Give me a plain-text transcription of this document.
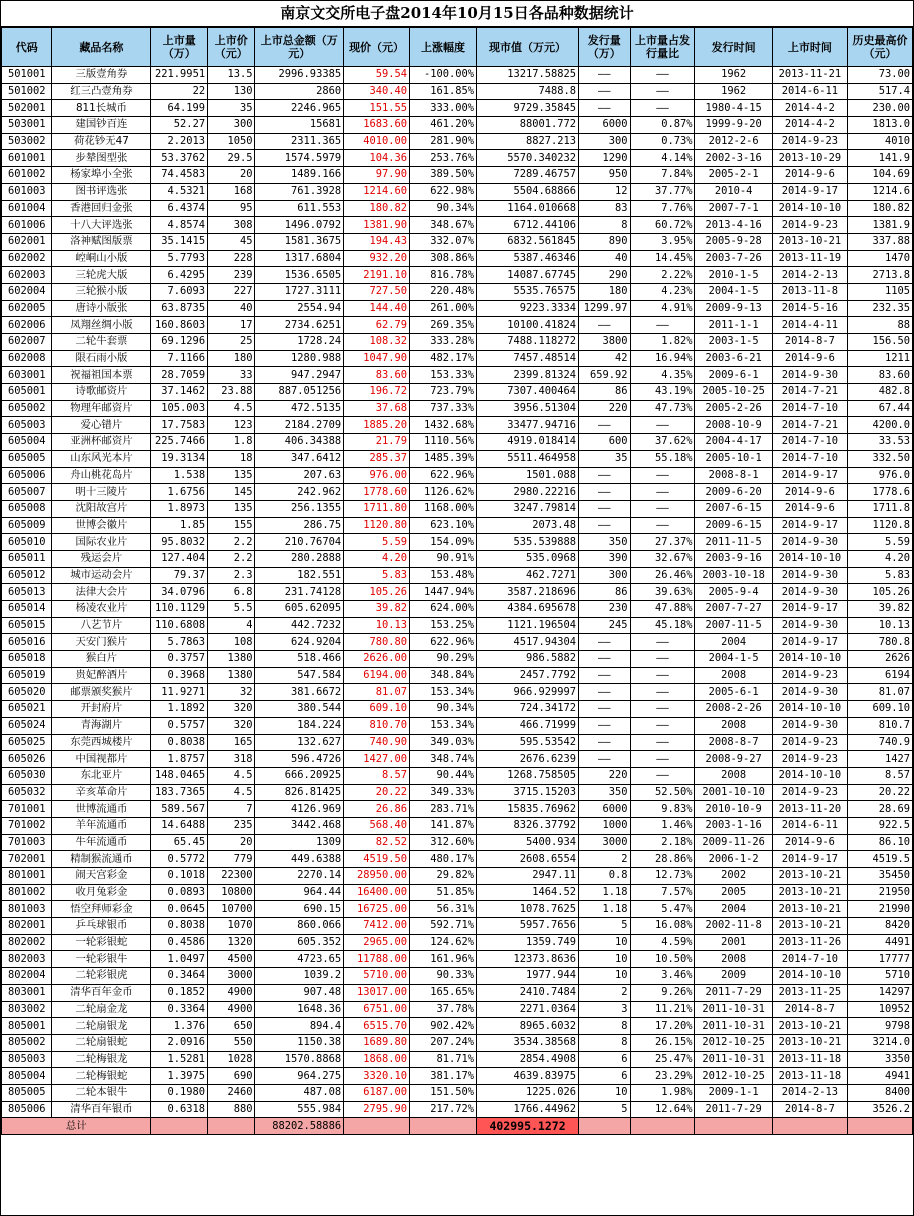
南京文交所电子盘2014年10月15日各品种数据统计
代码	藏品名称	上市量（万）	上市价（元）	上市总金额（万元）	现价（元）	上涨幅度	现市值（万元）	发行量（万）	上市量占发行量比	发行时间	上市时间	历史最高价（元）
501001	三版壹角券	221.9951	13.5	2996.93385	59.54	-100.00%	13217.58825	——	——	1962	2013-11-21	73.00
501002	红三凸壹角券	22	130	2860	340.40	161.85%	7488.8	——	——	1962	2014-6-11	517.4
502001	811长城币	64.199	35	2246.965	151.55	333.00%	9729.35845	——	——	1980-4-15	2014-4-2	230.00
503001	建国钞百连	52.27	300	15681	1683.60	461.20%	88001.772	6000	0.87%	1999-9-20	2014-4-2	1813.0
503002	荷花钞无47	2.2013	1050	2311.365	4010.00	281.90%	8827.213	300	0.73%	2012-2-6	2014-9-23	4010
601001	步辇图型张	53.3762	29.5	1574.5979	104.36	253.76%	5570.340232	1290	4.14%	2002-3-16	2013-10-29	141.9
601002	杨家埠小全张	74.4583	20	1489.166	97.90	389.50%	7289.46757	950	7.84%	2005-2-1	2014-9-6	104.69
601003	图书评选张	4.5321	168	761.3928	1214.60	622.98%	5504.68866	12	37.77%	2010-4	2014-9-17	1214.6
601004	香港回归金张	6.4374	95	611.553	180.82	90.34%	1164.010668	83	7.76%	2007-7-1	2014-10-10	180.82
601006	十八大评选张	4.8574	308	1496.0792	1381.90	348.67%	6712.44106	8	60.72%	2013-4-16	2014-9-23	1381.9
602001	洛神赋图版票	35.1415	45	1581.3675	194.43	332.07%	6832.561845	890	3.95%	2005-9-28	2013-10-21	337.88
602002	崆峒山小版	5.7793	228	1317.6804	932.20	308.86%	5387.46346	40	14.45%	2003-7-26	2013-11-19	1470
602003	三轮虎大版	6.4295	239	1536.6505	2191.10	816.78%	14087.67745	290	2.22%	2010-1-5	2014-2-13	2713.8
602004	三轮猴小版	7.6093	227	1727.3111	727.50	220.48%	5535.76575	180	4.23%	2004-1-5	2013-11-8	1105
602005	唐诗小版张	63.8735	40	2554.94	144.40	261.00%	9223.3334	1299.97	4.91%	2009-9-13	2014-5-16	232.35
602006	凤翔丝绸小版	160.8603	17	2734.6251	62.79	269.35%	10100.41824	——	——	2011-1-1	2014-4-11	88
602007	二轮牛套票	69.1296	25	1728.24	108.32	333.28%	7488.118272	3800	1.82%	2003-1-5	2014-8-7	156.50
602008	限石雨小版	7.1166	180	1280.988	1047.90	482.17%	7457.48514	42	16.94%	2003-6-21	2014-9-6	1211
603001	祝福祖国本票	28.7059	33	947.2947	83.60	153.33%	2399.81324	659.92	4.35%	2009-6-1	2014-9-30	83.60
605001	诗歌邮资片	37.1462	23.88	887.051256	196.72	723.79%	7307.400464	86	43.19%	2005-10-25	2014-7-21	482.8
605002	物理年邮资片	105.003	4.5	472.5135	37.68	737.33%	3956.51304	220	47.73%	2005-2-26	2014-7-10	67.44
605003	爱心错片	17.7583	123	2184.2709	1885.20	1432.68%	33477.94716	——	——	2008-10-9	2014-7-21	4200.0
605004	亚洲杯邮资片	225.7466	1.8	406.34388	21.79	1110.56%	4919.018414	600	37.62%	2004-4-17	2014-7-10	33.53
605005	山东风光本片	19.3134	18	347.6412	285.37	1485.39%	5511.464958	35	55.18%	2005-10-1	2014-7-10	332.50
605006	舟山桃花岛片	1.538	135	207.63	976.00	622.96%	1501.088	——	——	2008-8-1	2014-9-17	976.0
605007	明十三陵片	1.6756	145	242.962	1778.60	1126.62%	2980.22216	——	——	2009-6-20	2014-9-6	1778.6
605008	沈阳故宫片	1.8973	135	256.1355	1711.80	1168.00%	3247.79814	——	——	2007-6-15	2014-9-6	1711.8
605009	世博会徽片	1.85	155	286.75	1120.80	623.10%	2073.48	——	——	2009-6-15	2014-9-17	1120.8
605010	国际农业片	95.8032	2.2	210.76704	5.59	154.09%	535.539888	350	27.37%	2011-11-5	2014-9-30	5.59
605011	残运会片	127.404	2.2	280.2888	4.20	90.91%	535.0968	390	32.67%	2003-9-16	2014-10-10	4.20
605012	城市运动会片	79.37	2.3	182.551	5.83	153.48%	462.7271	300	26.46%	2003-10-18	2014-9-30	5.83
605013	法律大会片	34.0796	6.8	231.74128	105.26	1447.94%	3587.218696	86	39.63%	2005-9-4	2014-9-30	105.26
605014	杨凌农业片	110.1129	5.5	605.62095	39.82	624.00%	4384.695678	230	47.88%	2007-7-27	2014-9-17	39.82
605015	八艺节片	110.6808	4	442.7232	10.13	153.25%	1121.196504	245	45.18%	2007-11-5	2014-9-30	10.13
605016	天安门猴片	5.7863	108	624.9204	780.80	622.96%	4517.94304	——	——	2004	2014-9-17	780.8
605018	猴白片	0.3757	1380	518.466	2626.00	90.29%	986.5882	——	——	2004-1-5	2014-10-10	2626
605019	贵妃醉酒片	0.3968	1380	547.584	6194.00	348.84%	2457.7792	——	——	2008	2014-9-23	6194
605020	邮票颁奖猴片	11.9271	32	381.6672	81.07	153.34%	966.929997	——	——	2005-6-1	2014-9-30	81.07
605021	开封府片	1.1892	320	380.544	609.10	90.34%	724.34172	——	——	2008-2-26	2014-10-10	609.10
605024	青海湖片	0.5757	320	184.224	810.70	153.34%	466.71999	——	——	2008	2014-9-30	810.7
605025	东莞西城楼片	0.8038	165	132.627	740.90	349.03%	595.53542	——	——	2008-8-7	2014-9-23	740.9
605026	中国视都片	1.8757	318	596.4726	1427.00	348.74%	2676.6239	——	——	2008-9-27	2014-9-23	1427
605030	东北亚片	148.0465	4.5	666.20925	8.57	90.44%	1268.758505	220	——	2008	2014-10-10	8.57
605032	辛亥革命片	183.7365	4.5	826.81425	20.22	349.33%	3715.15203	350	52.50%	2001-10-10	2014-9-23	20.22
701001	世博流通币	589.567	7	4126.969	26.86	283.71%	15835.76962	6000	9.83%	2010-10-9	2013-11-20	28.69
701002	羊年流通币	14.6488	235	3442.468	568.40	141.87%	8326.37792	1000	1.46%	2003-1-16	2014-6-11	922.5
701003	牛年流通币	65.45	20	1309	82.52	312.60%	5400.934	3000	2.18%	2009-11-26	2014-9-6	86.10
702001	精制猴流通币	0.5772	779	449.6388	4519.50	480.17%	2608.6554	2	28.86%	2006-1-2	2014-9-17	4519.5
801001	闹天宫彩金	0.1018	22300	2270.14	28950.00	29.82%	2947.11	0.8	12.73%	2002	2013-10-21	35450
801002	收月兔彩金	0.0893	10800	964.44	16400.00	51.85%	1464.52	1.18	7.57%	2005	2013-10-21	21950
801003	悟空拜师彩金	0.0645	10700	690.15	16725.00	56.31%	1078.7625	1.18	5.47%	2004	2013-10-21	21990
802001	乒乓球银币	0.8038	1070	860.066	7412.00	592.71%	5957.7656	5	16.08%	2002-11-8	2013-10-21	8420
802002	一轮彩银蛇	0.4586	1320	605.352	2965.00	124.62%	1359.749	10	4.59%	2001	2013-11-26	4491
802003	一轮彩银牛	1.0497	4500	4723.65	11788.00	161.96%	12373.8636	10	10.50%	2008	2014-7-10	17777
802004	二轮彩银虎	0.3464	3000	1039.2	5710.00	90.33%	1977.944	10	3.46%	2009	2014-10-10	5710
803001	清华百年金币	0.1852	4900	907.48	13017.00	165.65%	2410.7484	2	9.26%	2011-7-29	2013-11-25	14297
803002	二轮扇金龙	0.3364	4900	1648.36	6751.00	37.78%	2271.0364	3	11.21%	2011-10-31	2014-8-7	10952
805001	二轮扇银龙	1.376	650	894.4	6515.70	902.42%	8965.6032	8	17.20%	2011-10-31	2013-10-21	9798
805002	二轮扇银蛇	2.0916	550	1150.38	1689.80	207.24%	3534.38568	8	26.15%	2012-10-25	2013-10-21	3214.0
805003	二轮梅银龙	1.5281	1028	1570.8868	1868.00	81.71%	2854.4908	6	25.47%	2011-10-31	2013-11-18	3350
805004	二轮梅银蛇	1.3975	690	964.275	3320.10	381.17%	4639.83975	6	23.29%	2012-10-25	2013-11-18	4941
805005	二轮本银牛	0.1980	2460	487.08	6187.00	151.50%	1225.026	10	1.98%	2009-1-1	2014-2-13	8400
805006	清华百年银币	0.6318	880	555.984	2795.90	217.72%	1766.44962	5	12.64%	2011-7-29	2014-8-7	3526.2
总计				88202.58886			402995.1272					
